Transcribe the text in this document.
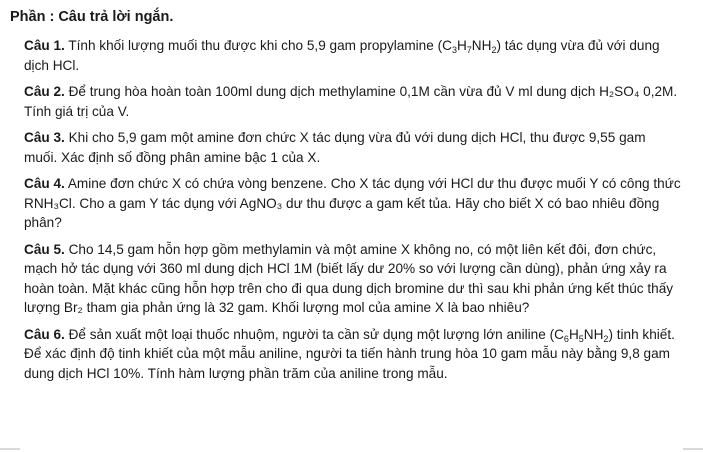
Phần : Câu trả lời ngắn.

Câu 1. Tính khối lượng muối thu được khi cho 5,9 gam propylamine $(C_3H_7NH_2)$ tác dụng vừa đủ với dung dịch HCl.

Câu 2. Để trung hòa hoàn toàn 100ml dung dịch methylamine 0,1M cần vừa đủ V ml dung dịch H₂SO₄ 0,2M. Tính giá trị của V.

Câu 3. Khi cho 5,9 gam một amine đơn chức X tác dụng vừa đủ với dung dịch HCl, thu được 9,55 gam muối. Xác định số đồng phân amine bậc 1 của X.

Câu 4. Amine đơn chức X có chứa vòng benzene. Cho X tác dụng với HCl dư thu được muối Y có công thức RNH₃Cl. Cho a gam Y tác dụng với AgNO₃ dư thu được a gam kết tủa. Hãy cho biết X có bao nhiêu đồng phân?

Câu 5. Cho 14,5 gam hỗn hợp gồm methylamin và một amine X không no, có một liên kết đôi, đơn chức, mạch hở tác dụng với 360 ml dung dịch HCl 1M (biết lấy dư 20% so với lượng cần dùng), phản ứng xảy ra hoàn toàn. Mặt khác cũng hỗn hợp trên cho đi qua dung dịch bromine dư thì sau khi phản ứng kết thúc thấy lượng Br₂ tham gia phản ứng là 32 gam. Khối lượng mol của amine X là bao nhiêu?

Câu 6. Để sản xuất một loại thuốc nhuộm, người ta cần sử dụng một lượng lớn aniline $(C_6H_5NH_2)$ tinh khiết. Để xác định độ tinh khiết của một mẫu aniline, người ta tiến hành trung hòa 10 gam mẫu này bằng 9,8 gam dung dịch HCl 10%. Tính hàm lượng phần trăm của aniline trong mẫu.
